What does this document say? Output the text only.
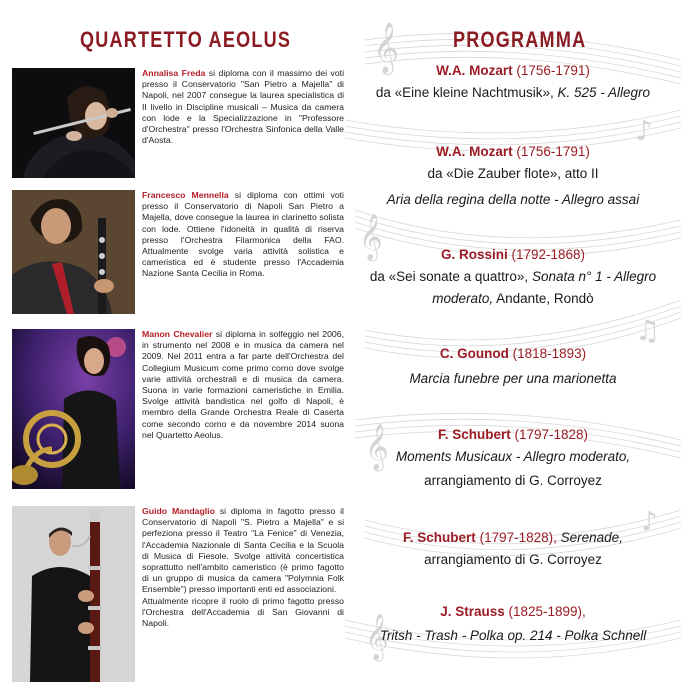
QUARTETTO AEOLUS
Annalisa Freda si diploma con il massimo dei voti presso il Conservatorio "San Pietro a Majella" di Napoli, nel 2007 consegue la laurea specialistica di II livello in Discipline musicali – Musica da camera con lode e la Specializzazione in "Professore d'Orchestra" presso l'Orchestra Sinfonica della Valle d'Aosta.
Francesco Mennella si diploma con ottimi voti presso il Conservatorio di Napoli San Pietro a Majella, dove consegue la laurea in clarinetto solista con lode. Ottiene l'idoneità in qualità di riserva presso l'Orchestra Filarmonica della FAO. Attualmente svolge varia attività solistica e cameristica ed è studente presso l'Accademia Nazione Santa Cecilia in Roma.
Manon Chevalier si diploma in solfeggio nel 2006, in strumento nel 2008 e in musica da camera nel 2009. Nel 2011 entra a far parte dell'Orchestra del Collegium Musicum come primo corno dove svolge varie attività orchestrali e di musica da camera. Suona in varie formazioni cameristiche in Emilia. Svolge attività bandistica nel golfo di Napoli, è membro della Grande Orchestra Reale di Caserta come secondo corno e da novembre 2014 suona nel Quartetto Aeolus.
Guido Mandaglio si diploma in fagotto presso il Conservatorio di Napoli "S. Pietro a Majella" e si perfeziona presso il Teatro "La Fenice" di Venezia, l'Accademia Nazionale di Santa Cecilia e la Scuola di Musica di Fiesole. Svolge attività concertistica soprattutto nell'ambito cameristico (è primo fagotto di un gruppo di musica da camera "Polymnia Folk Ensemble") presso importanti enti ed associazioni.
Attualmente ricopre il ruolo di primo fagotto presso l'Orchestra dell'Accademia di San Giovanni di Napoli.
𝄞
𝄞
𝄞
𝄞
♪
♫
♪
PROGRAMMA
W.A. Mozart (1756-1791)
da «Eine kleine Nachtmusik», K. 525 - Allegro
W.A. Mozart (1756-1791)
da «Die Zauber flote», atto II
Aria della regina della notte - Allegro assai
G. Rossini (1792-1868)
da «Sei sonate a quattro», Sonata n° 1 - Allegro
moderato, Andante, Rondò
C. Gounod (1818-1893)
Marcia funebre per una marionetta
F. Schubert (1797-1828)
Moments Musicaux - Allegro moderato,
arrangiamento di G. Corroyez
F. Schubert (1797-1828), Serenade,
arrangiamento di G. Corroyez
J. Strauss (1825-1899),
Tritsh - Trash - Polka op. 214 - Polka Schnell
